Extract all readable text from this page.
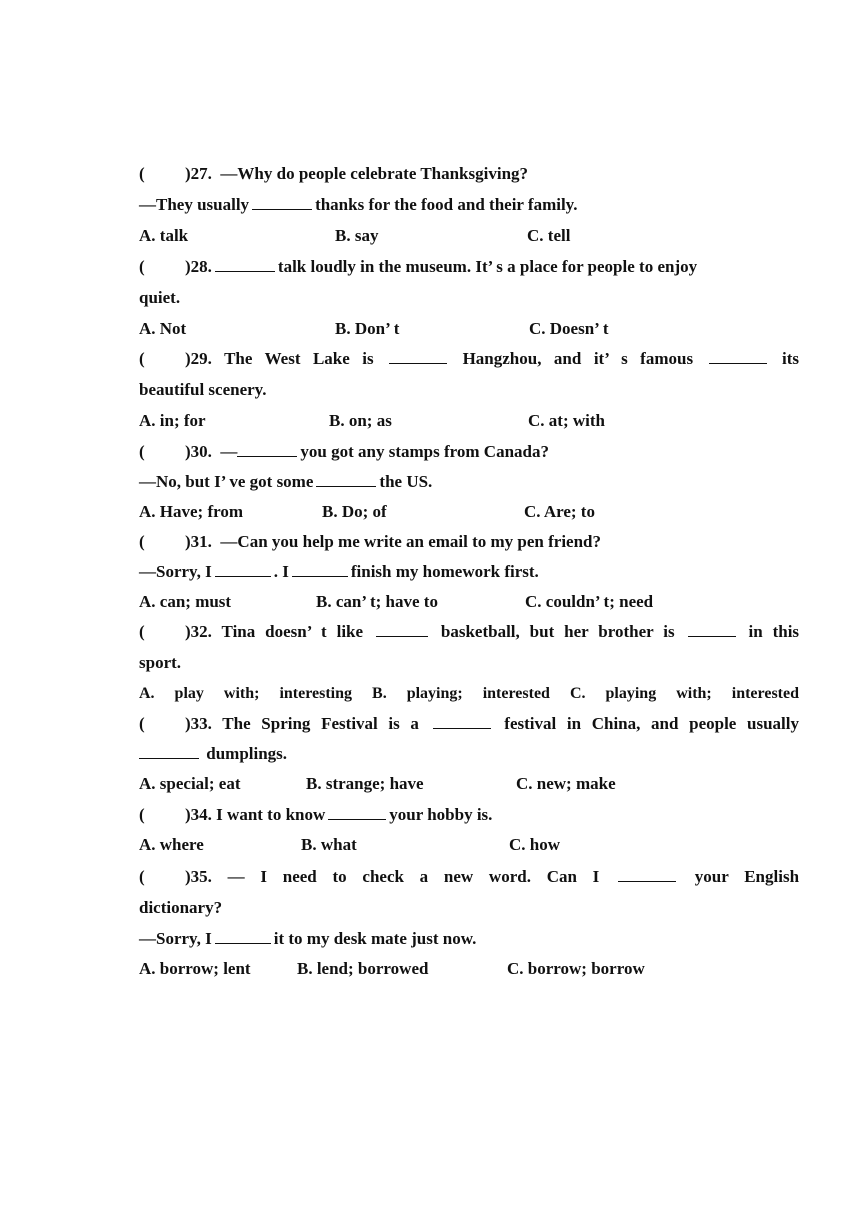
( )27. —Why do people celebrate Thanksgiving?
—They usually	thanks for the food and their family.
A. talk	B. say	C. tell
( )28.	talk loudly in the museum. It’ s a place for people to enjoy
quiet.
A. Not	B. Don’ t	C. Doesn’ t
( )29. The West Lake is	Hangzhou, and it’ s famous	its
beautiful scenery.
A. in; for	B. on; as	C. at; with
( )30. —	you got any stamps from Canada?
—No, but I’ ve got some	the US.
A. Have; from	B. Do; of	C. Are; to
( )31. —Can you help me write an email to my pen friend?
—Sorry, I	. I	finish my homework first.
A. can; must	B. can’ t; have to	C. couldn’ t; need
( )32. Tina doesn’ t like	basketball, but her brother is	in this
sport.
A. play with; interesting B. playing; interested C. playing with; interested
( )33. The Spring Festival is a	festival in China, and people usually
dumplings.
A. special; eat	B. strange; have	C. new; make
( )34. I want to know	your hobby is.
A. where	B. what	C. how
( )35. — I need to check a new word. Can I	your English
dictionary?
—Sorry, I	it to my desk mate just now.
A. borrow; lent	B. lend; borrowed	C. borrow; borrow
